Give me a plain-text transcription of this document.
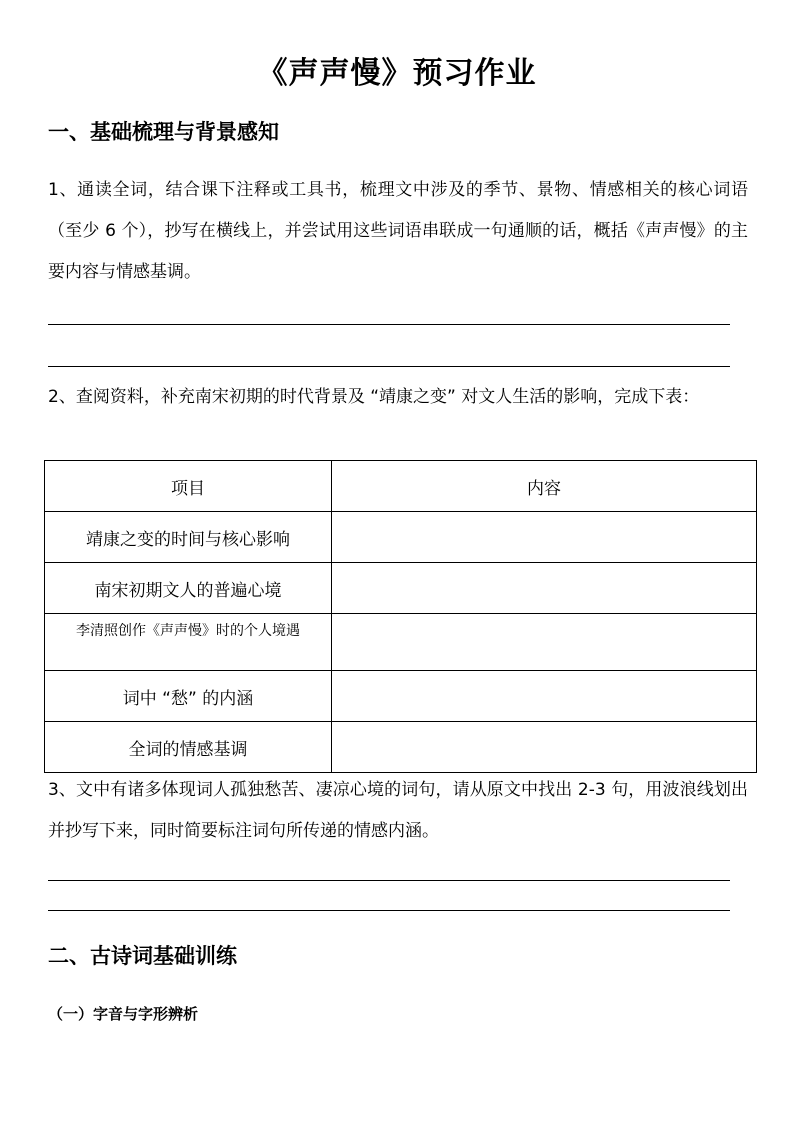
《声声慢》预习作业
一、基础梳理与背景感知
1、通读全词，结合课下注释或工具书，梳理文中涉及的季节、景物、情感相关的核心词语（至少 6 个），抄写在横线上，并尝试用这些词语串联成一句通顺的话，概括《声声慢》的主要内容与情感基调。
2、查阅资料，补充南宋初期的时代背景及 “靖康之变” 对文人生活的影响，完成下表：
项目	内容
靖康之变的时间与核心影响	
南宋初期文人的普遍心境	
李清照创作《声声慢》时的个人境遇	
词中 “愁” 的内涵	
全词的情感基调	
3、文中有诸多体现词人孤独愁苦、凄凉心境的词句，请从原文中找出 2-3 句，用波浪线划出并抄写下来，同时简要标注词句所传递的情感内涵。
二、古诗词基础训练
（一）字音与字形辨析
